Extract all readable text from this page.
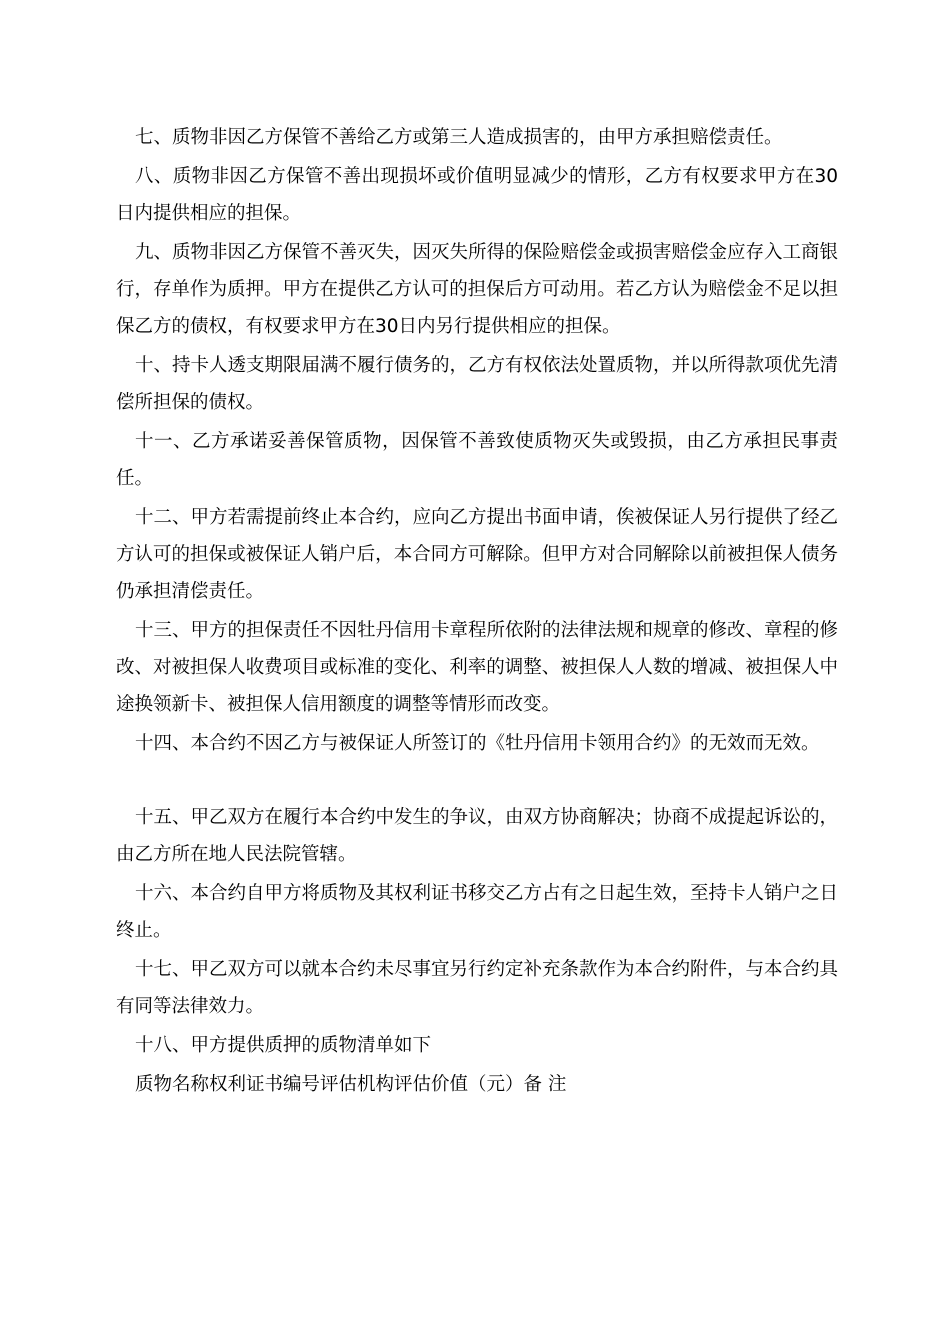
七、质物非因乙方保管不善给乙方或第三人造成损害的，由甲方承担赔偿责任。

八、质物非因乙方保管不善出现损坏或价值明显减少的情形，乙方有权要求甲方在30日内提供相应的担保。

九、质物非因乙方保管不善灭失，因灭失所得的保险赔偿金或损害赔偿金应存入工商银行，存单作为质押。甲方在提供乙方认可的担保后方可动用。若乙方认为赔偿金不足以担保乙方的债权，有权要求甲方在30日内另行提供相应的担保。

十、持卡人透支期限届满不履行债务的，乙方有权依法处置质物，并以所得款项优先清偿所担保的债权。

十一、乙方承诺妥善保管质物，因保管不善致使质物灭失或毁损，由乙方承担民事责任。

十二、甲方若需提前终止本合约，应向乙方提出书面申请，俟被保证人另行提供了经乙方认可的担保或被保证人销户后，本合同方可解除。但甲方对合同解除以前被担保人债务仍承担清偿责任。

十三、甲方的担保责任不因牡丹信用卡章程所依附的法律法规和规章的修改、章程的修改、对被担保人收费项目或标准的变化、利率的调整、被担保人人数的增减、被担保人中途换领新卡、被担保人信用额度的调整等情形而改变。

十四、本合约不因乙方与被保证人所签订的《牡丹信用卡领用合约》的无效而无效。

十五、甲乙双方在履行本合约中发生的争议，由双方协商解决；协商不成提起诉讼的，由乙方所在地人民法院管辖。

十六、本合约自甲方将质物及其权利证书移交乙方占有之日起生效，至持卡人销户之日终止。

十七、甲乙双方可以就本合约未尽事宜另行约定补充条款作为本合约附件，与本合约具有同等法律效力。

十八、甲方提供质押的质物清单如下

质物名称权利证书编号评估机构评估价值（元）备 注
